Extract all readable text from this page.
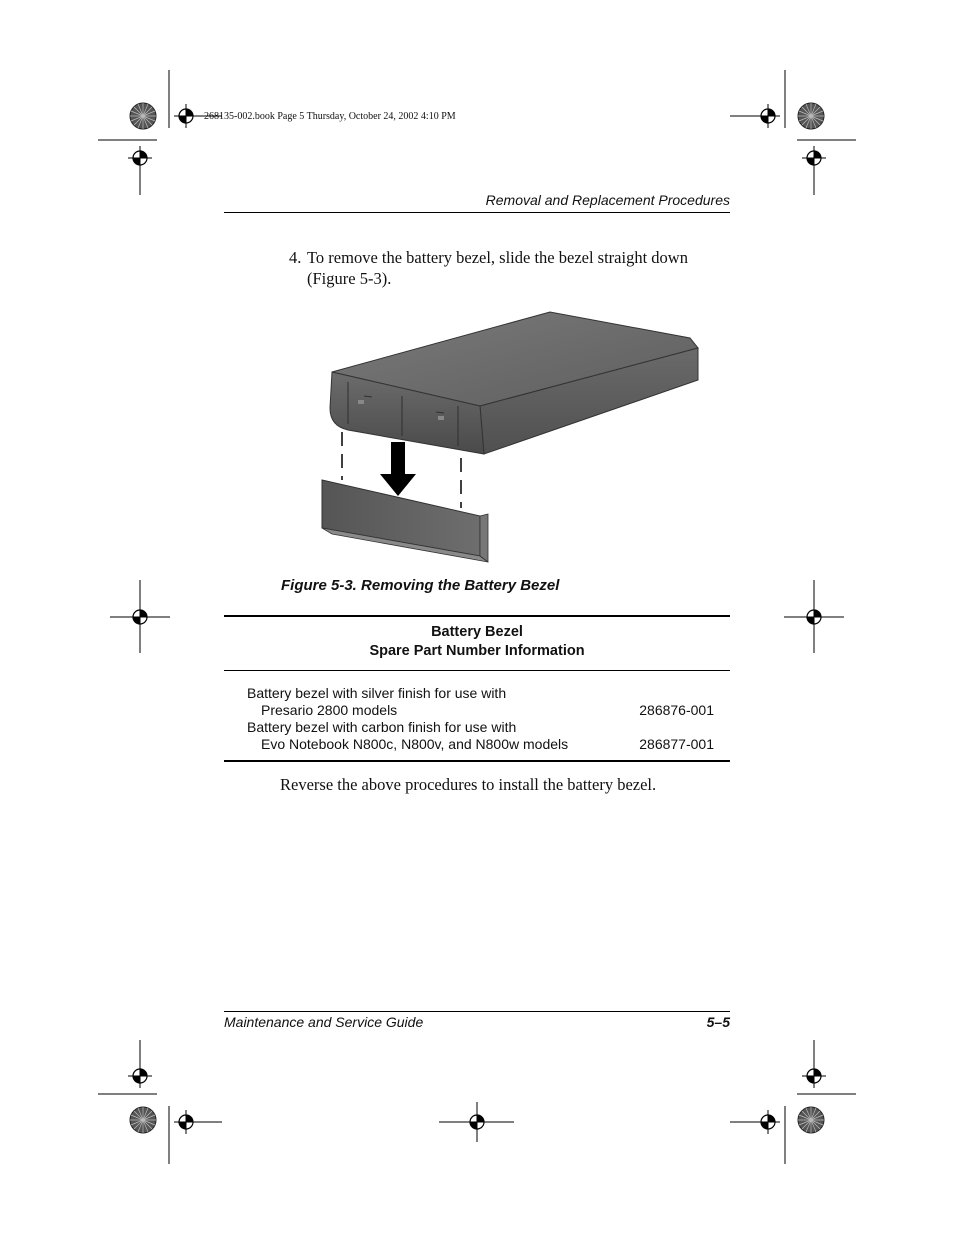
268135-002.book Page 5 Thursday, October 24, 2002 4:10 PM
Removal and Replacement Procedures
4. To remove the battery bezel, slide the bezel straight down (Figure 5-3).
Figure 5-3. Removing the Battery Bezel
Battery Bezel
Spare Part Number Information
Battery bezel with silver finish for use with
Presario 2800 models	286876-001
Battery bezel with carbon finish for use with
Evo Notebook N800c, N800v, and N800w models	286877-001
Reverse the above procedures to install the battery bezel.
Maintenance and Service Guide	5–5
